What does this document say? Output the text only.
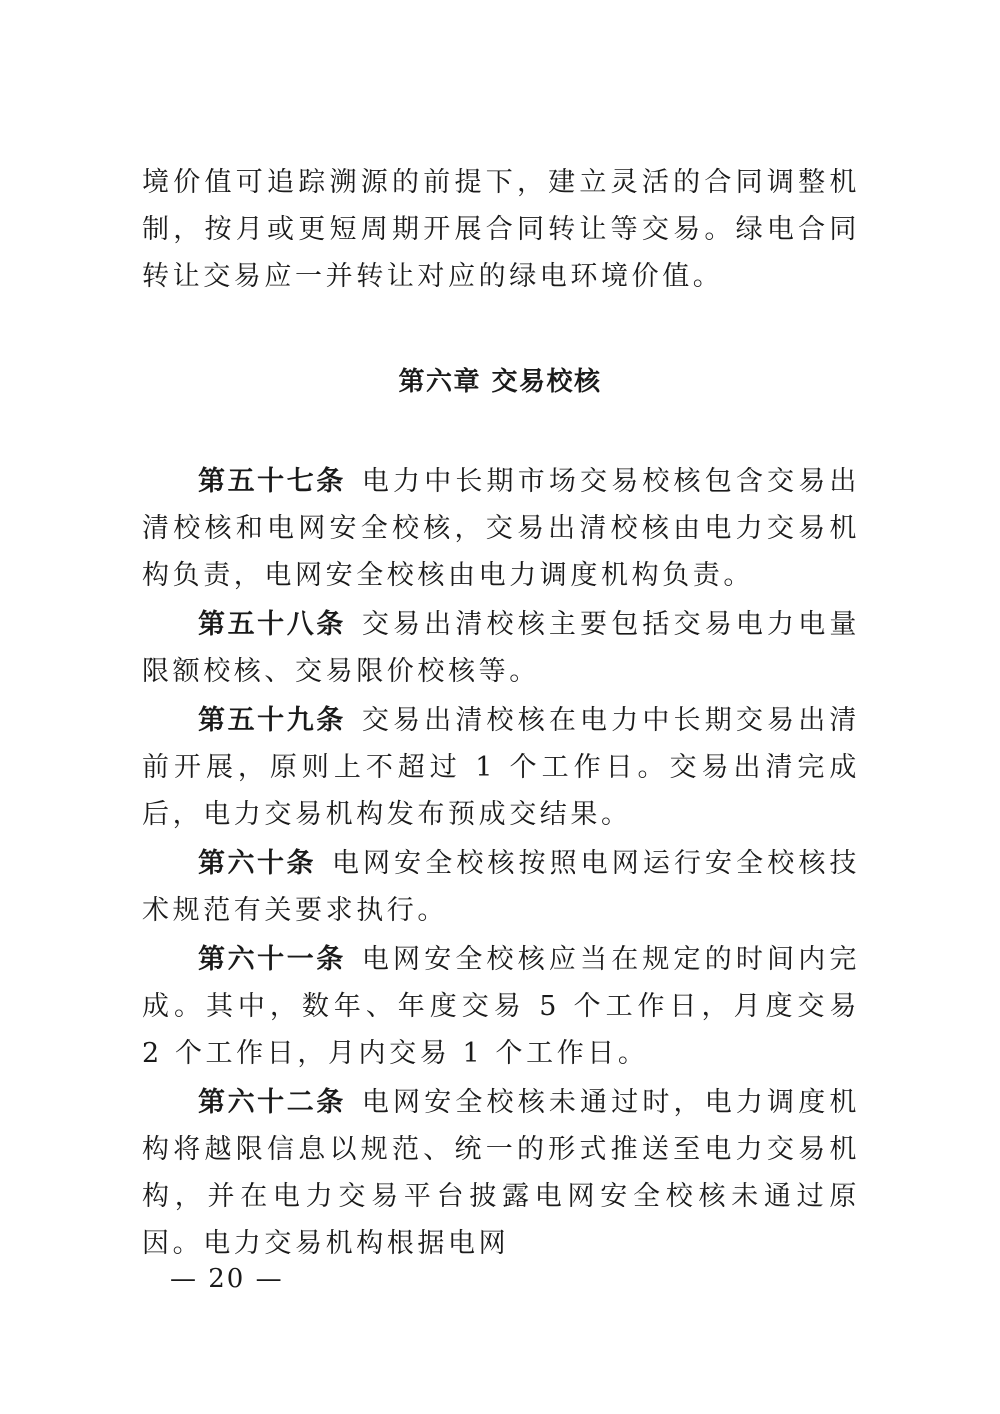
境价值可追踪溯源的前提下，建立灵活的合同调整机制，按月或更短周期开展合同转让等交易。绿电合同转让交易应一并转让对应的绿电环境价值。

第六章 交易校核

第五十七条 电力中长期市场交易校核包含交易出清校核和电网安全校核，交易出清校核由电力交易机构负责，电网安全校核由电力调度机构负责。

第五十八条 交易出清校核主要包括交易电力电量限额校核、交易限价校核等。

第五十九条 交易出清校核在电力中长期交易出清前开展，原则上不超过 1 个工作日。交易出清完成后，电力交易机构发布预成交结果。

第六十条 电网安全校核按照电网运行安全校核技术规范有关要求执行。

第六十一条 电网安全校核应当在规定的时间内完成。其中，数年、年度交易 5 个工作日，月度交易 2 个工作日，月内交易 1 个工作日。

第六十二条 电网安全校核未通过时，电力调度机构将越限信息以规范、统一的形式推送至电力交易机构，并在电力交易平台披露电网安全校核未通过原因。电力交易机构根据电网

— 20 —
